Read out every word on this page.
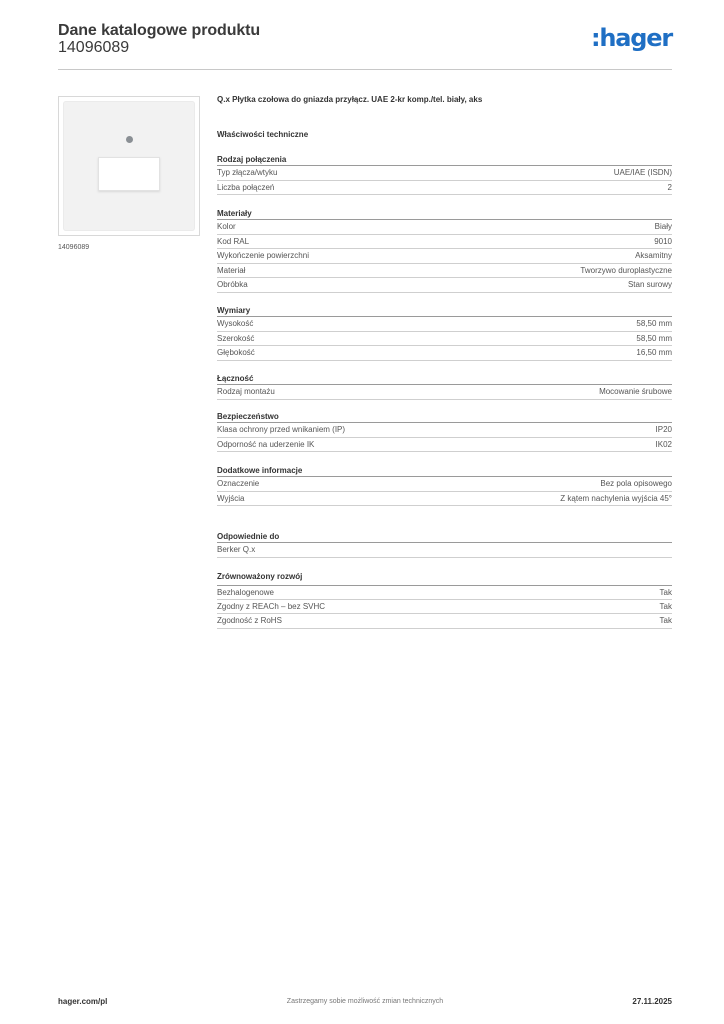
Dane katalogowe produktu
14096089	:hager
14096089
Q.x Płytka czołowa do gniazda przyłącz. UAE 2-kr komp./tel. biały, aks
Właściwości techniczne
Rodzaj połączenia
Typ złącza/wtyku	UAE/IAE (ISDN)
Liczba połączeń	2
Materiały
Kolor	Biały
Kod RAL	9010
Wykończenie powierzchni	Aksamitny
Materiał	Tworzywo duroplastyczne
Obróbka	Stan surowy
Wymiary
Wysokość	58,50 mm
Szerokość	58,50 mm
Głębokość	16,50 mm
Łączność
Rodzaj montażu	Mocowanie śrubowe
Bezpieczeństwo
Klasa ochrony przed wnikaniem (IP)	IP20
Odporność na uderzenie IK	IK02
Dodatkowe informacje
Oznaczenie	Bez pola opisowego
Wyjścia	Z kątem nachylenia wyjścia 45°
Odpowiednie do
Berker Q.x
Zrównoważony rozwój
Bezhalogenowe	Tak
Zgodny z REACh – bez SVHC	Tak
Zgodność z RoHS	Tak
hager.com/pl	Zastrzegamy sobie możliwość zmian technicznych	27.11.2025
